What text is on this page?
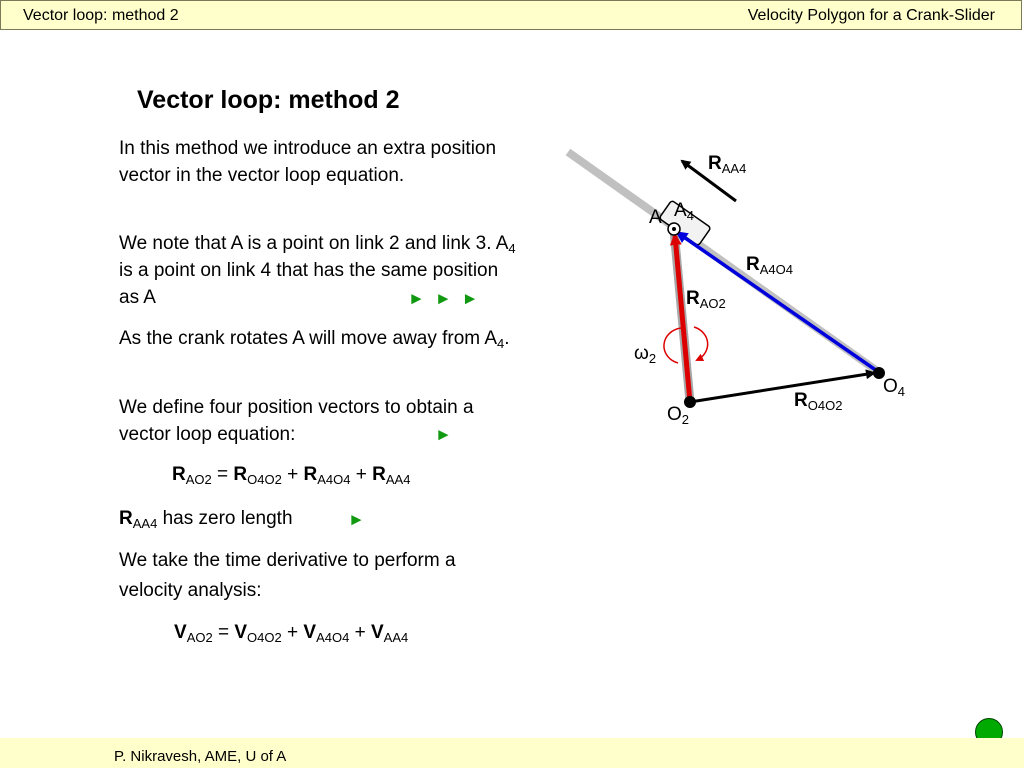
Vector loop: method 2	Velocity Polygon for a Crank-Slider
Vector loop: method 2
In this method we introduce an extra position vector in the vector loop equation.
We note that A is a point on link 2 and link 3. $A_4$ is a point on link 4 that has the same position as A	►►►
As the crank rotates A will move away from $A_4$.
We define four position vectors to obtain a vector loop equation:	►
$R_{AO2} = R_{O4O2} + R_{A4O4} + R_{AA4}$
$R_{AA4}$ has zero length	►
We take the time derivative to perform a velocity analysis:
$V_{AO2} = V_{O4O2} + V_{A4O4} + V_{AA4}$
$R_{AA4}$
A $A_4$
$R_{A4O4}$
$R_{AO2}$
$\omega_2$
$O_4$
$R_{O4O2}$
$O_2$
P. Nikravesh, AME, U of A
